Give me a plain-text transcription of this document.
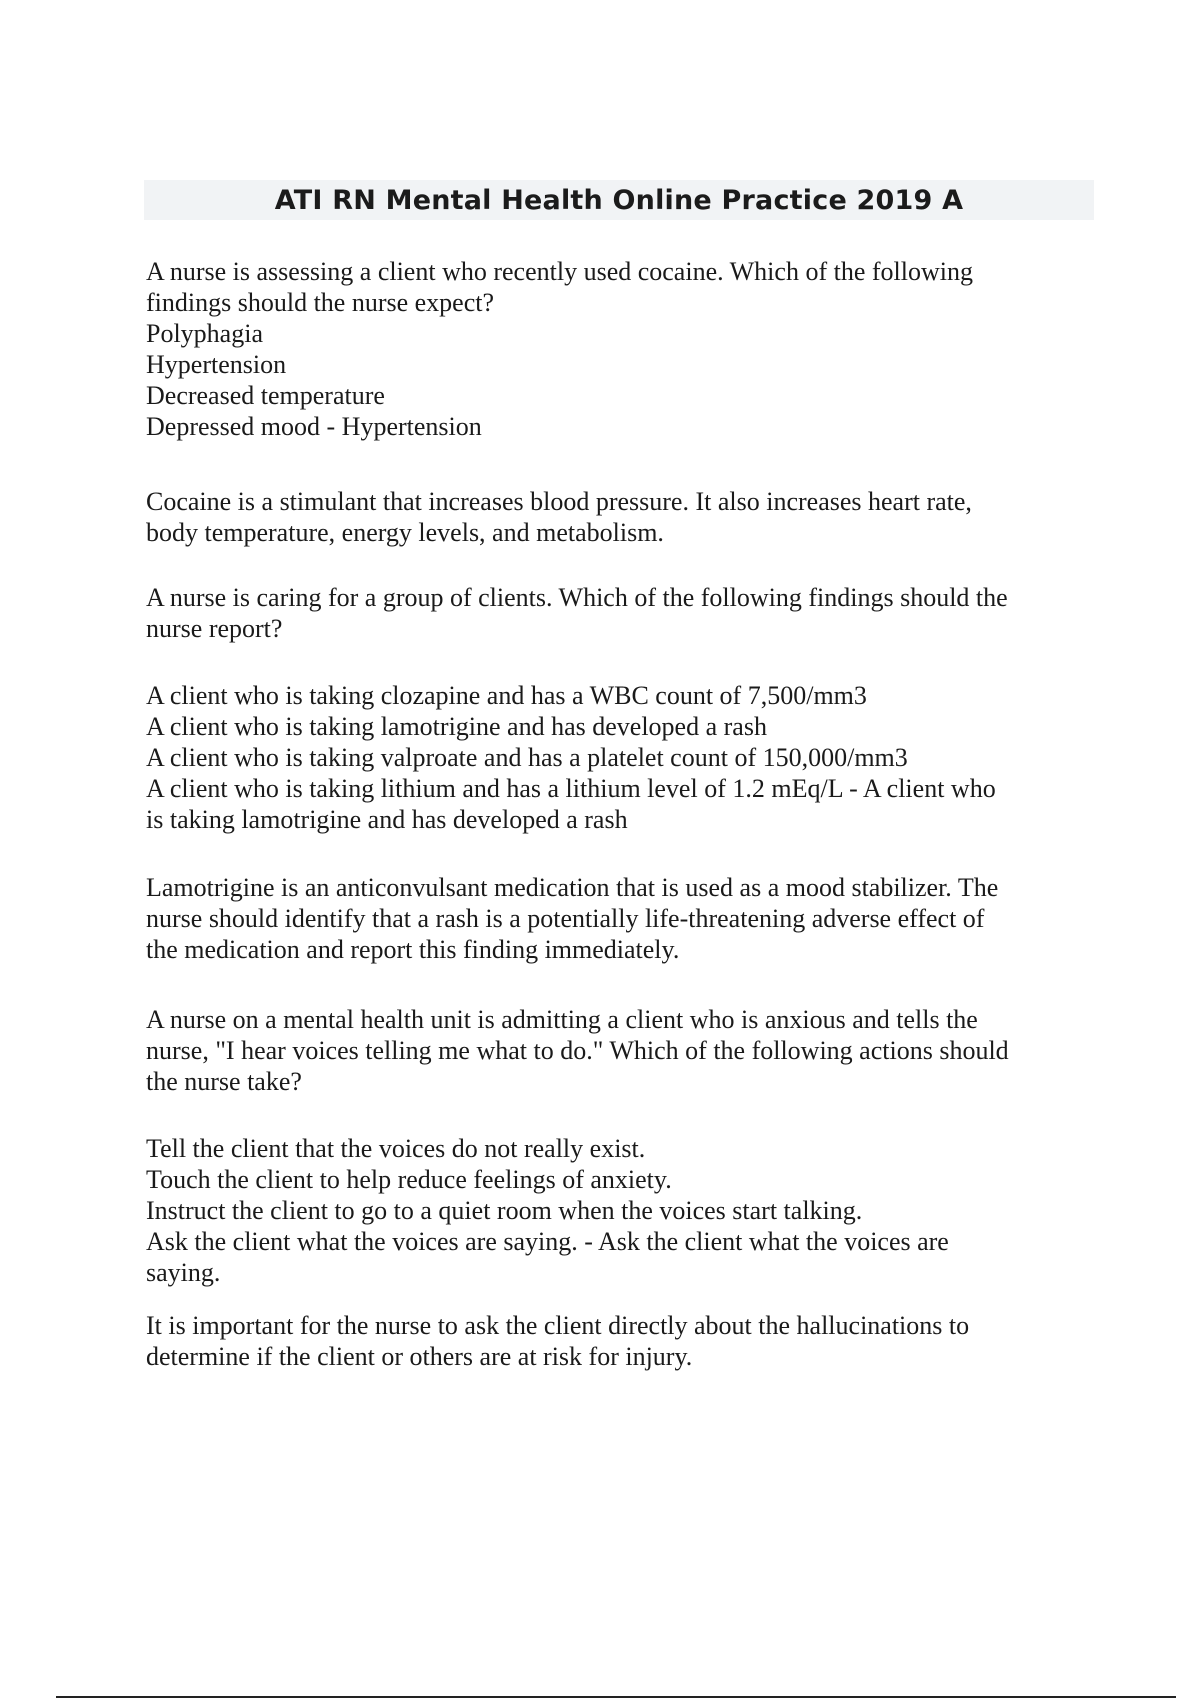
ATI RN Mental Health Online Practice 2019 A
A nurse is assessing a client who recently used cocaine. Which of the following
findings should the nurse expect?
Polyphagia
Hypertension
Decreased temperature
Depressed mood - Hypertension
Cocaine is a stimulant that increases blood pressure. It also increases heart rate,
body temperature, energy levels, and metabolism.
A nurse is caring for a group of clients. Which of the following findings should the
nurse report?
A client who is taking clozapine and has a WBC count of 7,500/mm3
A client who is taking lamotrigine and has developed a rash
A client who is taking valproate and has a platelet count of 150,000/mm3
A client who is taking lithium and has a lithium level of 1.2 mEq/L - A client who
is taking lamotrigine and has developed a rash
Lamotrigine is an anticonvulsant medication that is used as a mood stabilizer. The
nurse should identify that a rash is a potentially life-threatening adverse effect of
the medication and report this finding immediately.
A nurse on a mental health unit is admitting a client who is anxious and tells the
nurse, "I hear voices telling me what to do." Which of the following actions should
the nurse take?
Tell the client that the voices do not really exist.
Touch the client to help reduce feelings of anxiety.
Instruct the client to go to a quiet room when the voices start talking.
Ask the client what the voices are saying. - Ask the client what the voices are
saying.
It is important for the nurse to ask the client directly about the hallucinations to
determine if the client or others are at risk for injury.
